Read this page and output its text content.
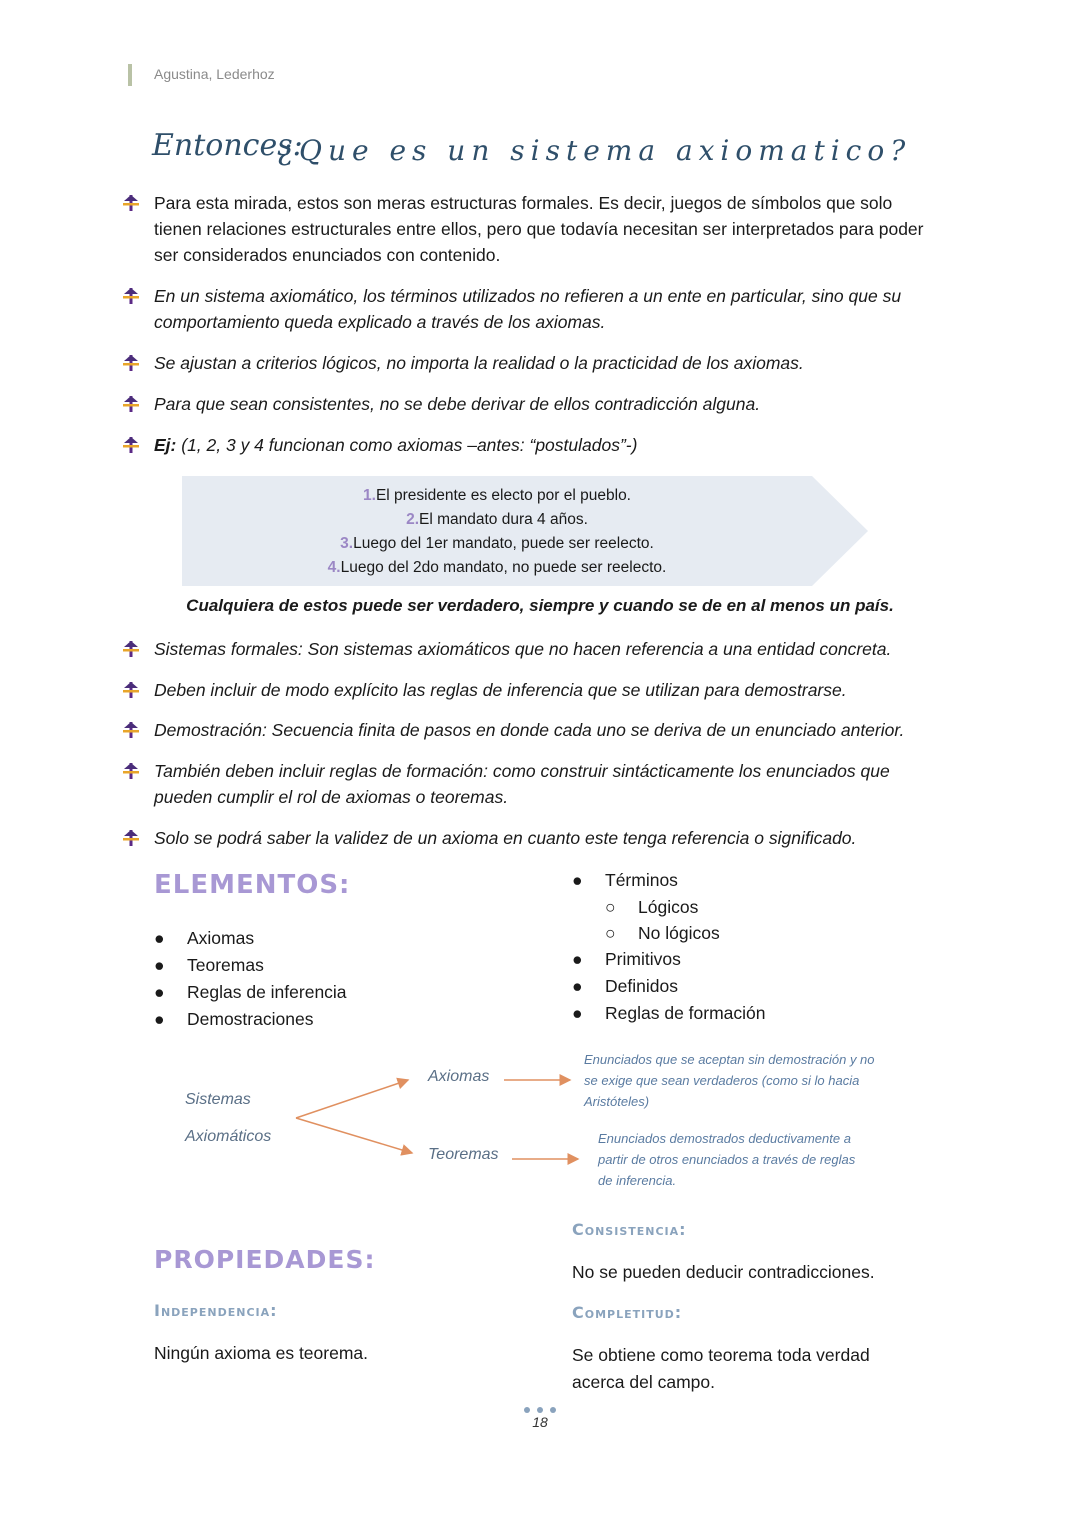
Agustina, Lederhoz
Entonces:
¿Que es un sistema axiomatico?
Para esta mirada, estos son meras estructuras formales. Es decir, juegos de símbolos que solo tienen relaciones estructurales entre ellos, pero que todavía necesitan ser interpretados para poder ser considerados enunciados con contenido.
En un sistema axiomático, los términos utilizados no refieren a un ente en particular, sino que su comportamiento queda explicado a través de los axiomas.
Se ajustan a criterios lógicos, no importa la realidad o la practicidad de los axiomas.
Para que sean consistentes, no se debe derivar de ellos contradicción alguna.
Ej: (1, 2, 3 y 4 funcionan como axiomas –antes: “postulados”-)
1.El presidente es electo por el pueblo.
2.El mandato dura 4 años.
3.Luego del 1er mandato, puede ser reelecto.
4.Luego del 2do mandato, no puede ser reelecto.
Cualquiera de estos puede ser verdadero, siempre y cuando se de en al menos un país.
Sistemas formales: Son sistemas axiomáticos que no hacen referencia a una entidad concreta.
Deben incluir de modo explícito las reglas de inferencia que se utilizan para demostrarse.
Demostración: Secuencia finita de pasos en donde cada uno se deriva de un enunciado anterior.
También deben incluir reglas de formación: como construir sintácticamente los enunciados que pueden cumplir el rol de axiomas o teoremas.
Solo se podrá saber la validez de un axioma en cuanto este tenga referencia o significado.
ELEMENTOS:
● Axiomas
● Teoremas
● Reglas de inferencia
● Demostraciones
● Términos
○ Lógicos
○ No lógicos
● Primitivos
● Definidos
● Reglas de formación
Sistemas
Axiomáticos
Axiomas
Teoremas
Enunciados que se aceptan sin demostración y no
se exige que sean verdaderos (como si lo hacia
Aristóteles)
Enunciados demostrados deductivamente a
partir de otros enunciados a través de reglas
de inferencia.
PROPIEDADES:
Independencia:
Ningún axioma es teorema.
Consistencia:
No se pueden deducir contradicciones.
Completitud:
Se obtiene como teorema toda verdad
acerca del campo.
18
